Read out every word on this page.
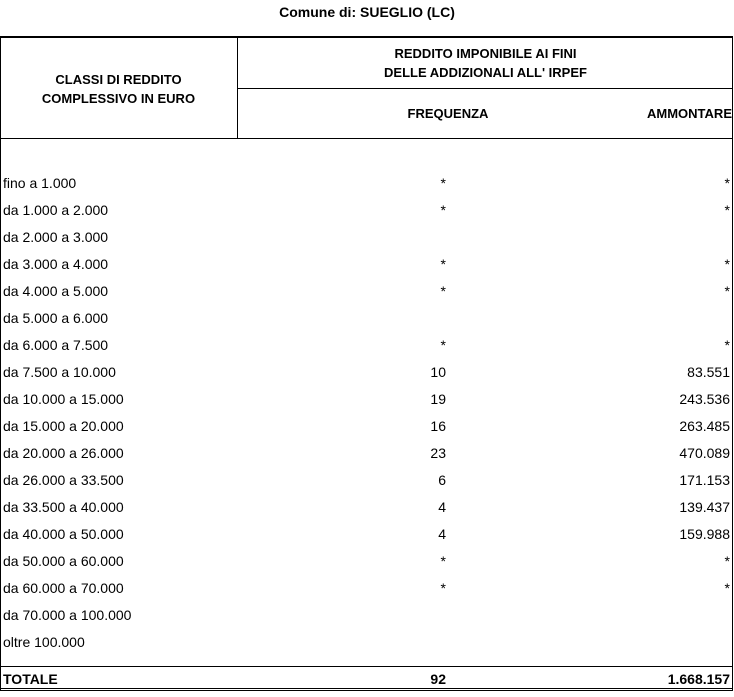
Comune di: SUEGLIO (LC)
CLASSI DI REDDITO
COMPLESSIVO IN EURO
REDDITO IMPONIBILE AI FINI
DELLE ADDIZIONALI ALL' IRPEF
FREQUENZA	AMMONTARE
fino a 1.000	*	*
da 1.000 a 2.000	*	*
da 2.000 a 3.000
da 3.000 a 4.000	*	*
da 4.000 a 5.000	*	*
da 5.000 a 6.000
da 6.000 a 7.500	*	*
da 7.500 a 10.000	10	83.551
da 10.000 a 15.000	19	243.536
da 15.000 a 20.000	16	263.485
da 20.000 a 26.000	23	470.089
da 26.000 a 33.500	6	171.153
da 33.500 a 40.000	4	139.437
da 40.000 a 50.000	4	159.988
da 50.000 a 60.000	*	*
da 60.000 a 70.000	*	*
da 70.000 a 100.000
oltre 100.000
TOTALE	92	1.668.157
